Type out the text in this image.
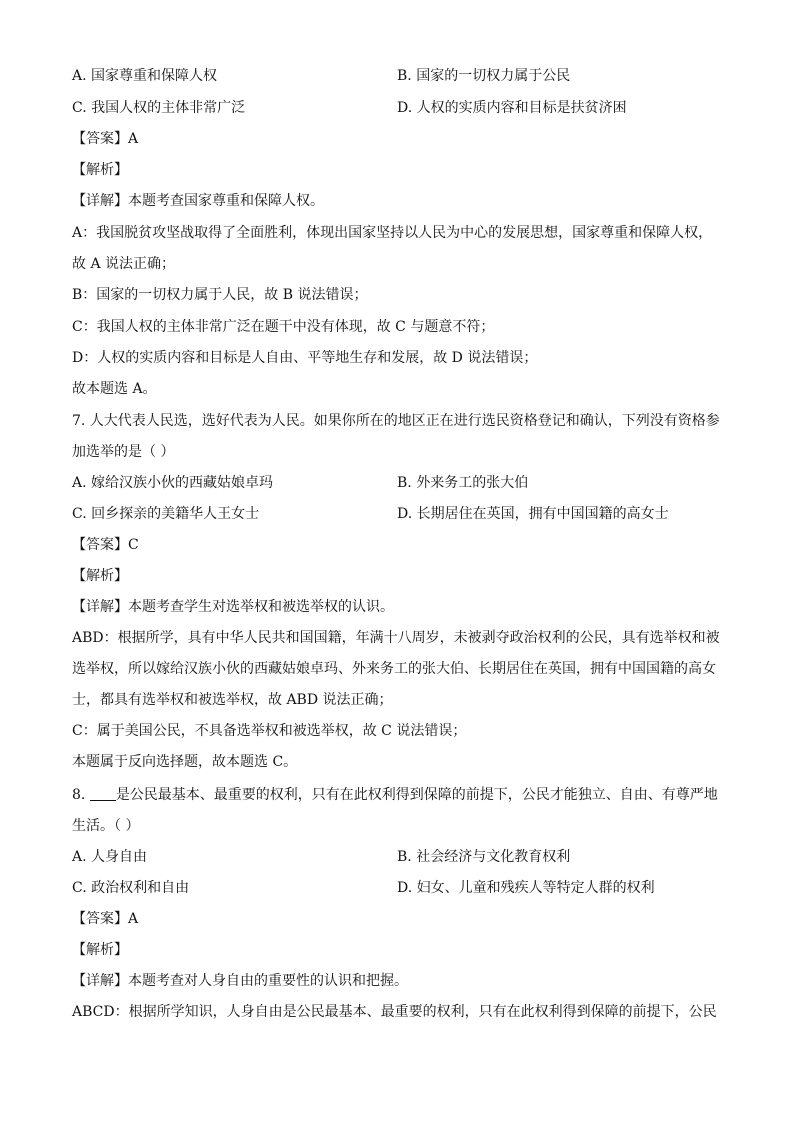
A. 国家尊重和保障人权	B. 国家的一切权力属于公民
C. 我国人权的主体非常广泛	D. 人权的实质内容和目标是扶贫济困
【答案】A
【解析】
【详解】本题考查国家尊重和保障人权。
A：我国脱贫攻坚战取得了全面胜利，体现出国家坚持以人民为中心的发展思想，国家尊重和保障人权，
故 A 说法正确；
B：国家的一切权力属于人民，故 B 说法错误；
C：我国人权的主体非常广泛在题干中没有体现，故 C 与题意不符；
D：人权的实质内容和目标是人自由、平等地生存和发展，故 D 说法错误；
故本题选 A。
7. 人大代表人民选，选好代表为人民。如果你所在的地区正在进行选民资格登记和确认，下列没有资格参
加选举的是（ ）
A. 嫁给汉族小伙的西藏姑娘卓玛	B. 外来务工的张大伯
C. 回乡探亲的美籍华人王女士	D. 长期居住在英国，拥有中国国籍的高女士
【答案】C
【解析】
【详解】本题考查学生对选举权和被选举权的认识。
ABD：根据所学，具有中华人民共和国国籍，年满十八周岁，未被剥夺政治权利的公民，具有选举权和被
选举权，所以嫁给汉族小伙的西藏姑娘卓玛、外来务工的张大伯、长期居住在英国，拥有中国国籍的高女
士，都具有选举权和被选举权，故 ABD 说法正确；
C：属于美国公民，不具备选举权和被选举权，故 C 说法错误；
本题属于反向选择题，故本题选 C。
8. 是公民最基本、最重要的权利，只有在此权利得到保障的前提下，公民才能独立、自由、有尊严地
生活。（ ）
A. 人身自由	B. 社会经济与文化教育权利
C. 政治权利和自由	D. 妇女、儿童和残疾人等特定人群的权利
【答案】A
【解析】
【详解】本题考查对人身自由的重要性的认识和把握。
ABCD：根据所学知识，人身自由是公民最基本、最重要的权利，只有在此权利得到保障的前提下，公民
